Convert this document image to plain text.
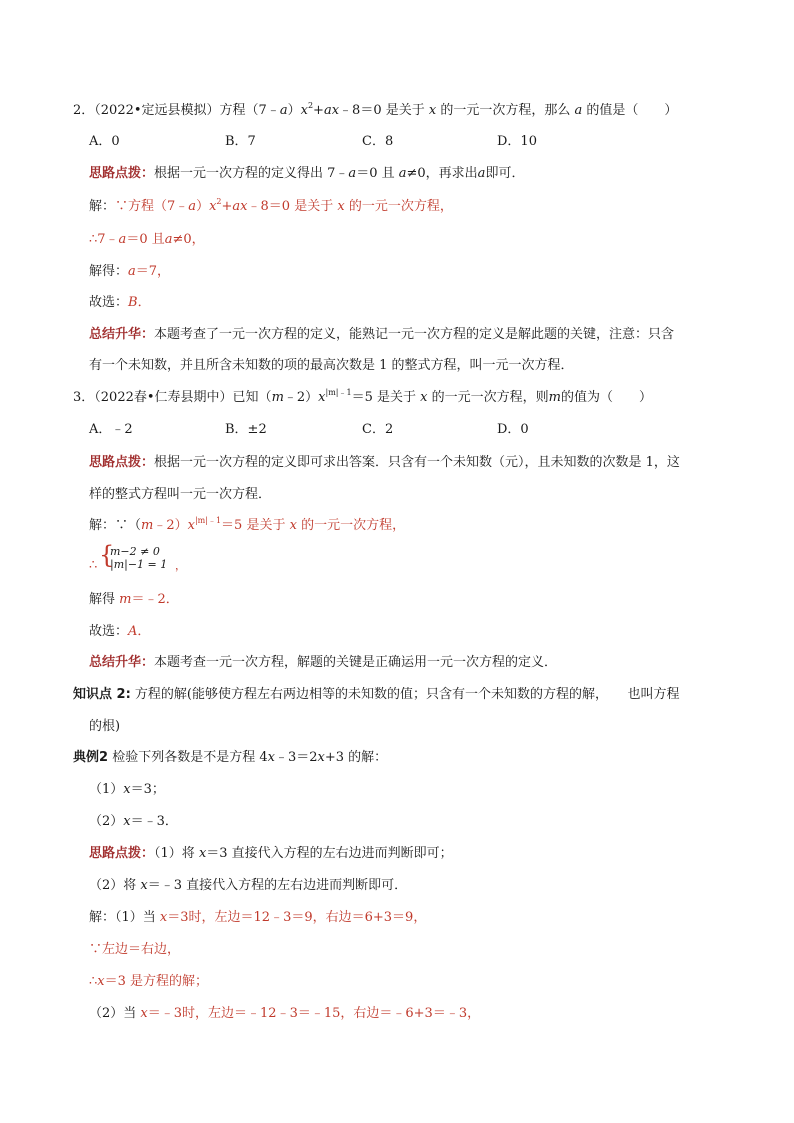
2．（2022•定远县模拟）方程$(7﹣a)x^2+ax﹣8=0$ 是关于 x 的一元一次方程，那么 a 的值是（　　）
A．0	B．7	C．8	D．10
思路点拨：根据一元一次方程的定义得出 7﹣a＝0 且 a≠0，再求出a即可．
解：∵方程$(7﹣a)x^2+ax﹣8=0$ 是关于 x 的一元一次方程，
∴7﹣a＝0 且a≠0，
解得：a＝7，
故选：B．
总结升华：本题考查了一元一次方程的定义，能熟记一元一次方程的定义是解此题的关键，注意：只含
有一个未知数，并且所含未知数的项的最高次数是 1 的整式方程，叫一元一次方程．
3．（2022春•仁寿县期中）已知$(m﹣2)x^{|m|﹣1}=5$ 是关于 x 的一元一次方程，则m的值为（　　）
A．﹣2	B．±2	C．2	D．0
思路点拨：根据一元一次方程的定义即可求出答案．只含有一个未知数（元），且未知数的次数是 1，这
样的整式方程叫一元一次方程．
解：$\because(m﹣2)x^{|m|﹣1}=5$ 是关于 x 的一元一次方程，
∴ {
m−2 ≠ 0
|m|−1 = 1 ，
解得 m＝﹣2．
故选：A．
总结升华：本题考查一元一次方程，解题的关键是正确运用一元一次方程的定义．
知识点 2: 方程的解(能够使方程左右两边相等的未知数的值；只含有一个未知数的方程的解，　　也叫方程
的根)
典例2 检验下列各数是不是方程 4x﹣3＝2x+3 的解：
（1）x＝3；
（2）x＝﹣3．
思路点拨：（1）将 x＝3 直接代入方程的左右边进而判断即可；
（2）将 x＝﹣3 直接代入方程的左右边进而判断即可．
解：（1）当 x＝3时，左边＝12﹣3＝9，右边＝6+3＝9，
∵左边＝右边，
∴x＝3 是方程的解；
（2）当 x＝﹣3时，左边＝﹣12﹣3＝﹣15，右边＝﹣6+3＝﹣3，
